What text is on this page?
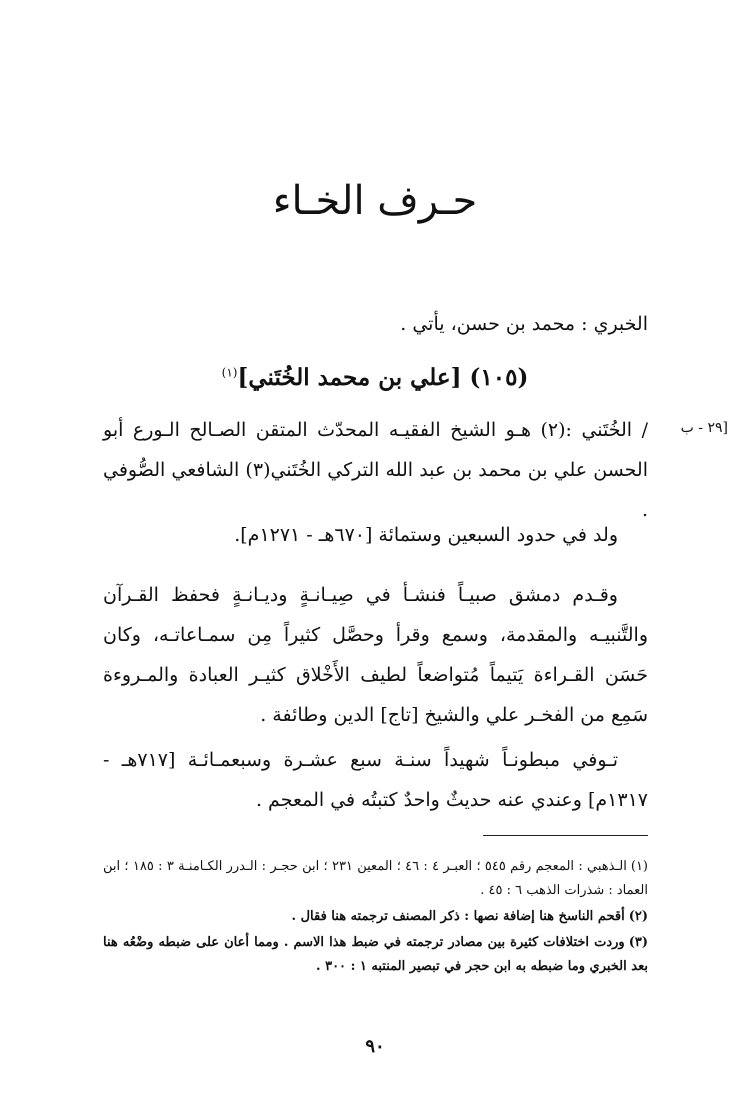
حـرف الخـاء
الخبري : محمد بن حسن، يأتي .
(١٠٥) [علي بن محمد الخُتَني]$^{(١)}$
٢٩ - ب]

/ الخُتَني :(٢) هـو الشيخ الفقيـه المحدّث المتقن الصـالح الـورع أبو الحسن علي بن محمد بن عبد الله التركي الخُتَني(٣) الشافعي الصُّوفي .

ولد في حدود السبعين وستمائة [٦٧٠هـ - ١٢٧١م].

وقـدم دمشق صبيـاً فنشـأ في صِيـانـةٍ وديـانـةٍ فحفظ القـرآن والتَّنبيـه والمقدمة، وسمع وقرأ وحصَّل كثيراً مِن سمـاعاتـه، وكان حَسَن القـراءة يَتيماً مُتواضعاً لطيف الأَخْلاق كثيـر العبادة والمـروءة سَمِع من الفخـر علي والشيخ [تاج] الدين وطائفة .

تـوفي مبطونـاً شهيداً سنـة سبع عشـرة وسبعمـائـة [٧١٧هـ - ١٣١٧م] وعندي عنه حديثٌ واحدٌ كتبتُه في المعجم .

(١)الـذهبي : المعجم رقم ٥٤٥ ؛ العبـر ٤ : ٤٦ ؛ المعين ٢٣١ ؛ ابن حجـر : الـدرر الكـامنـة ٣ : ١٨٥ ؛ ابن العماد : شذرات الذهب ٦ : ٤٥ .

(٢)أقحم الناسخ هنا إضافة نصها : ذكر المصنف ترجمته هنا فقال .

(٣)وردت اختلافات كثيرة بين مصادر ترجمته في ضبط هذا الاسم . ومما أعان على ضبطه وضْعُه هنا بعد الخبري وما ضبطه به ابن حجر في تبصير المنتبه ١ : ٣٠٠ .

٩٠
